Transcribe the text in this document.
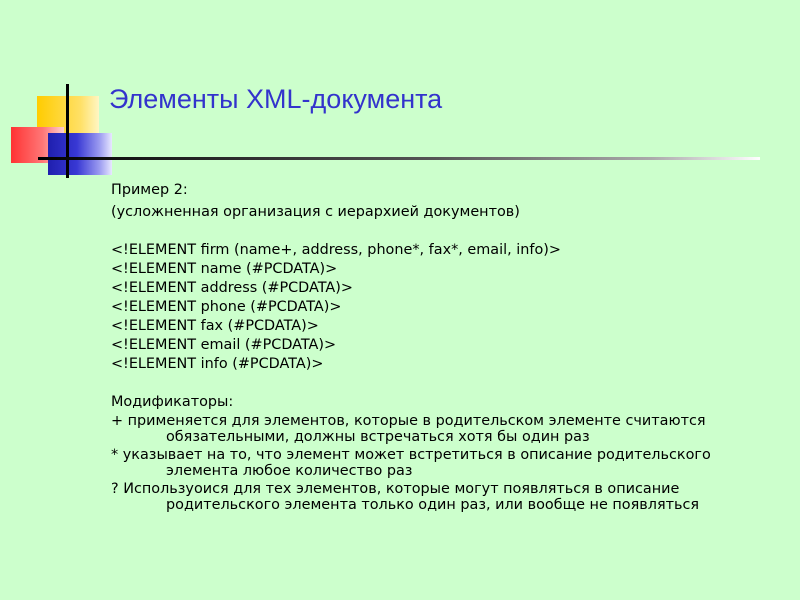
Элементы XML-документа

Пример 2:

(усложненная организация с иерархией документов)

<!ELEMENT firm (name+, address, phone*, fax*, email, info)>

<!ELEMENT name (#PCDATA)>

<!ELEMENT address (#PCDATA)>

<!ELEMENT phone (#PCDATA)>

<!ELEMENT fax (#PCDATA)>

<!ELEMENT email (#PCDATA)>

<!ELEMENT info (#PCDATA)>

Модификаторы:

+ применяется для элементов, которые в родительском элементе считаются обязательными, должны встречаться хотя бы один раз

* указывает на то, что элемент может встретиться в описание родительского элемента любое количество раз

? Используоися для тех элементов, которые могут появляться в описание родительского элемента только один раз, или вообще не появляться
